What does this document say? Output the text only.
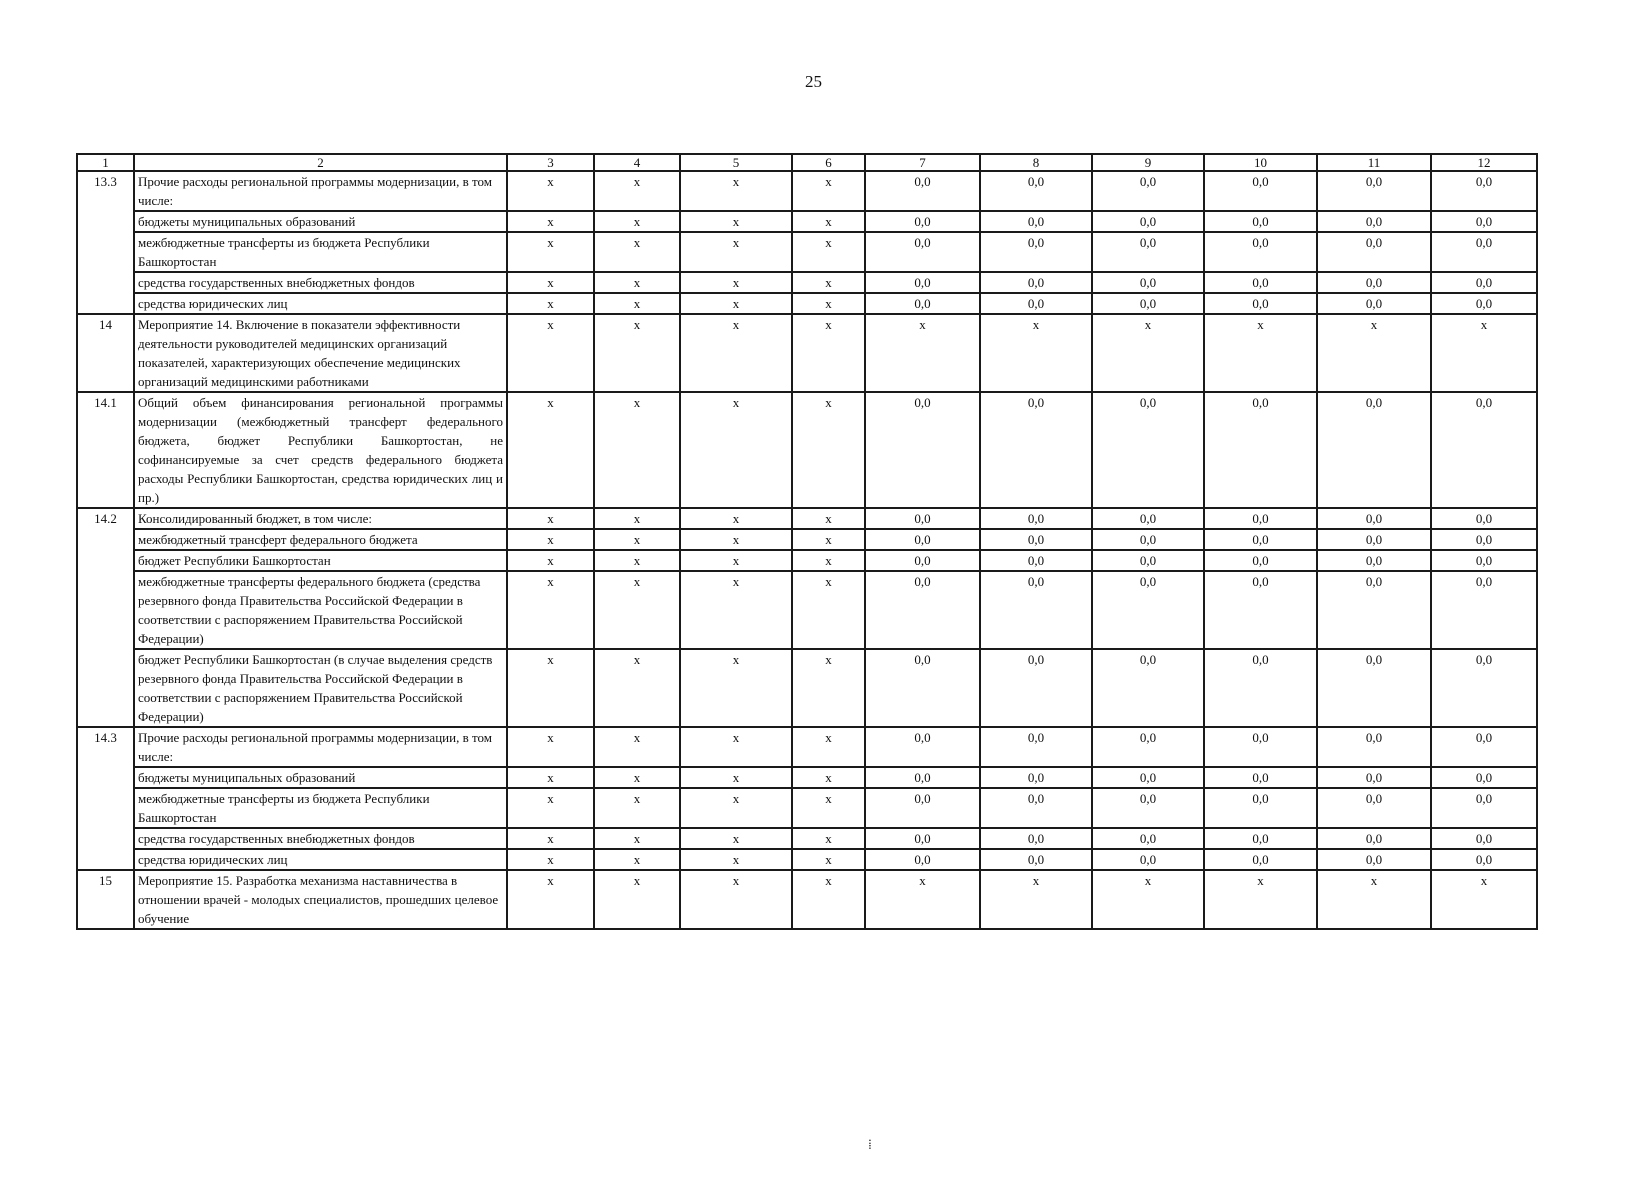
25
1	2	3	4	5	6	7	8	9	10	11	12
13.3	Прочие расходы региональной программы модернизации, в том числе:	x	x	x	x	0,0	0,0	0,0	0,0	0,0	0,0
	бюджеты муниципальных образований	x	x	x	x	0,0	0,0	0,0	0,0	0,0	0,0
	межбюджетные трансферты из бюджета Республики Башкортостан	x	x	x	x	0,0	0,0	0,0	0,0	0,0	0,0
	средства государственных внебюджетных фондов	x	x	x	x	0,0	0,0	0,0	0,0	0,0	0,0
	средства юридических лиц	x	x	x	x	0,0	0,0	0,0	0,0	0,0	0,0
14	Мероприятие 14. Включение в показатели эффективности деятельности руководителей медицинских организаций показателей, характеризующих обеспечение медицинских организаций медицинскими работниками	x	x	x	x	x	x	x	x	x	x
14.1	Общий объем финансирования региональной программы модернизации (межбюджетный трансферт федерального бюджета, бюджет Республики Башкортостан, не софинансируемые за счет средств федерального бюджета расходы Республики Башкортостан, средства юридических лиц и пр.)	x	x	x	x	0,0	0,0	0,0	0,0	0,0	0,0
14.2	Консолидированный бюджет, в том числе:	x	x	x	x	0,0	0,0	0,0	0,0	0,0	0,0
	межбюджетный трансферт федерального бюджета	x	x	x	x	0,0	0,0	0,0	0,0	0,0	0,0
	бюджет Республики Башкортостан	x	x	x	x	0,0	0,0	0,0	0,0	0,0	0,0
	межбюджетные трансферты федерального бюджета (средства резервного фонда Правительства Российской Федерации в соответствии с распоряжением Правительства Российской Федерации)	x	x	x	x	0,0	0,0	0,0	0,0	0,0	0,0
	бюджет Республики Башкортостан (в случае выделения средств резервного фонда Правительства Российской Федерации в соответствии с распоряжением Правительства Российской Федерации)	x	x	x	x	0,0	0,0	0,0	0,0	0,0	0,0
14.3	Прочие расходы региональной программы модернизации, в том числе:	x	x	x	x	0,0	0,0	0,0	0,0	0,0	0,0
	бюджеты муниципальных образований	x	x	x	x	0,0	0,0	0,0	0,0	0,0	0,0
	межбюджетные трансферты из бюджета Республики Башкортостан	x	x	x	x	0,0	0,0	0,0	0,0	0,0	0,0
	средства государственных внебюджетных фондов	x	x	x	x	0,0	0,0	0,0	0,0	0,0	0,0
	средства юридических лиц	x	x	x	x	0,0	0,0	0,0	0,0	0,0	0,0
15	Мероприятие 15. Разработка механизма наставничества в отношении врачей - молодых специалистов, прошедших целевое обучение	x	x	x	x	x	x	x	x	x	x
⁞
